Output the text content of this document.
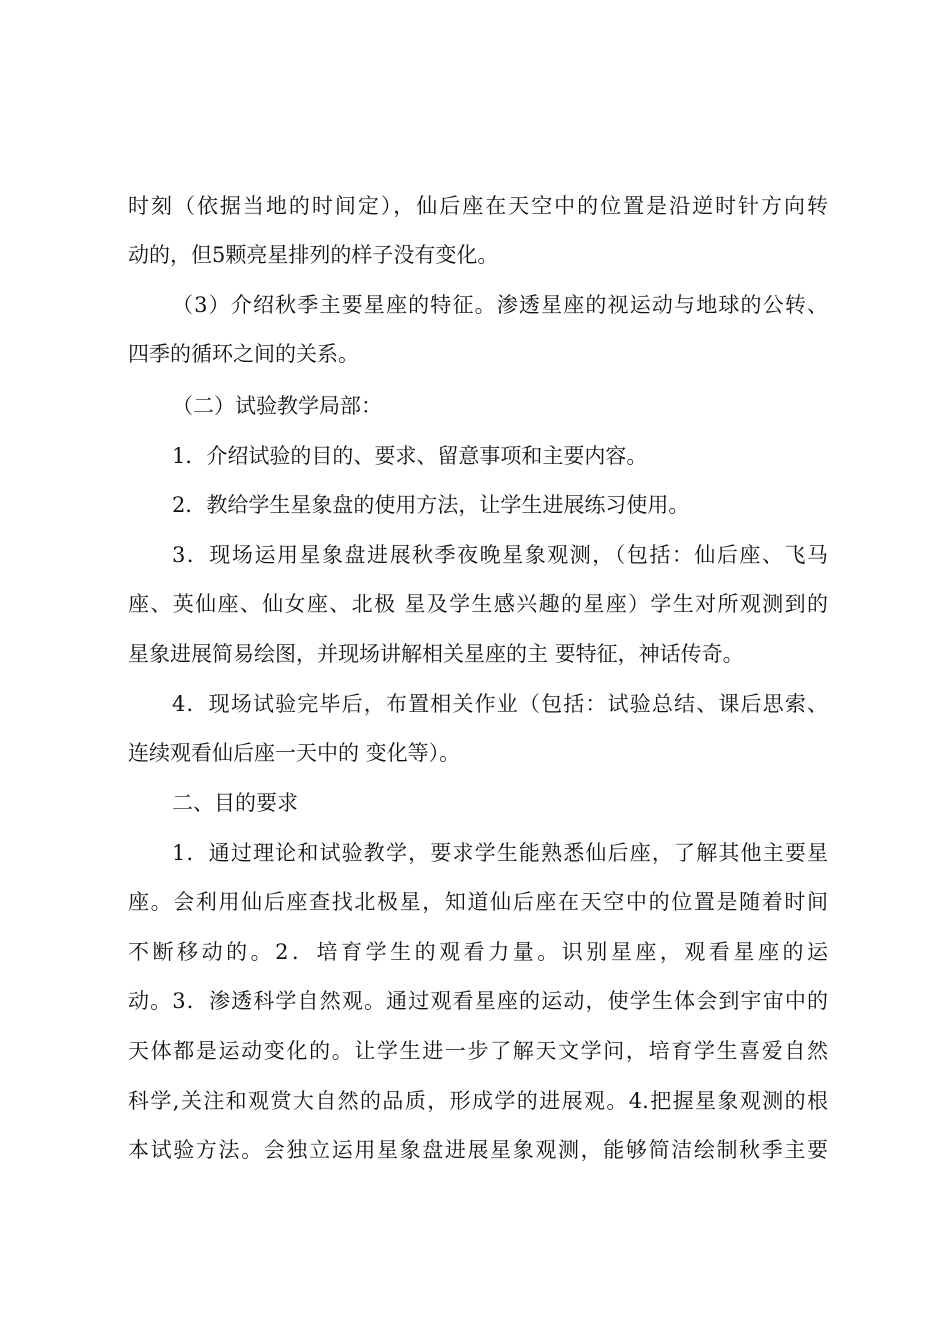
时刻（依据当地的时间定），仙后座在天空中的位置是沿逆时针方向转
动的，但5颗亮星排列的样子没有变化。
（3）介绍秋季主要星座的特征。渗透星座的视运动与地球的公转、
四季的循环之间的关系。
（二）试验教学局部：
1．介绍试验的目的、要求、留意事项和主要内容。
2．教给学生星象盘的使用方法，让学生进展练习使用。
3．现场运用星象盘进展秋季夜晚星象观测，（包括：仙后座、飞马
座、英仙座、仙女座、北极 星及学生感兴趣的星座）学生对所观测到的
星象进展简易绘图，并现场讲解相关星座的主 要特征，神话传奇。
4．现场试验完毕后，布置相关作业（包括：试验总结、课后思索、
连续观看仙后座一天中的 变化等）。
二、目的要求
1．通过理论和试验教学，要求学生能熟悉仙后座，了解其他主要星
座。会利用仙后座查找北极星，知道仙后座在天空中的位置是随着时间
不断移动的。2．培育学生的观看力量。识别星座，观看星座的运
动。3．渗透科学自然观。通过观看星座的运动，使学生体会到宇宙中的
天体都是运动变化的。让学生进一步了解天文学问，培育学生喜爱自然
科学,关注和观赏大自然的品质，形成学的进展观。4.把握星象观测的根
本试验方法。会独立运用星象盘进展星象观测，能够简洁绘制秋季主要
